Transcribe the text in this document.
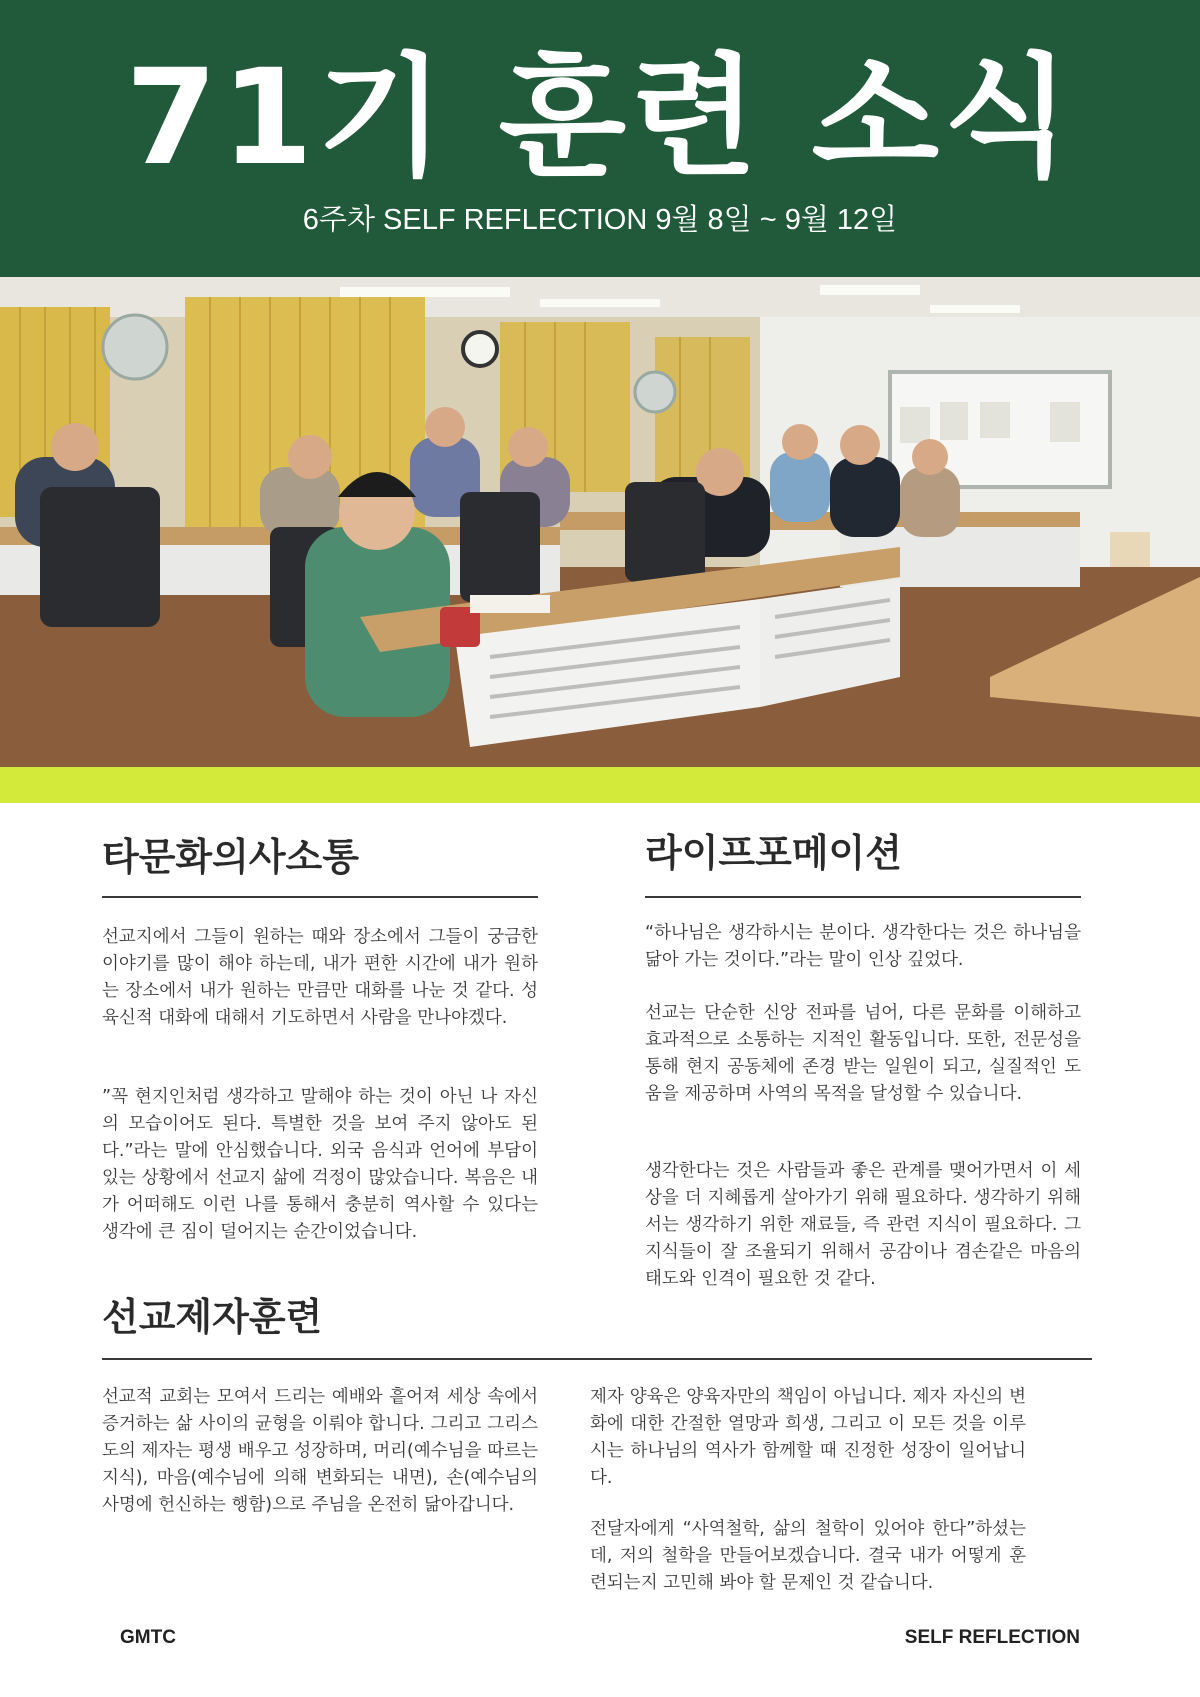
71기 훈련 소식
6주차 SELF REFLECTION 9월 8일 ~ 9월 12일
타문화의사소통

선교지에서 그들이 원하는 때와 장소에서 그들이 궁금한 이야기를 많이 해야 하는데, 내가 편한 시간에 내가 원하는 장소에서 내가 원하는 만큼만 대화를 나눈 것 같다. 성육신적 대화에 대해서 기도하면서 사람을 만나야겠다.

”꼭 현지인처럼 생각하고 말해야 하는 것이 아닌 나 자신의 모습이어도 된다. 특별한 것을 보여 주지 않아도 된다.”라는 말에 안심했습니다. 외국 음식과 언어에 부담이 있는 상황에서 선교지 삶에 걱정이 많았습니다. 복음은 내가 어떠해도 이런 나를 통해서 충분히 역사할 수 있다는 생각에 큰 짐이 덜어지는 순간이었습니다.

라이프포메이션

“하나님은 생각하시는 분이다. 생각한다는 것은 하나님을 닮아 가는 것이다.”라는 말이 인상 깊었다.

선교는 단순한 신앙 전파를 넘어, 다른 문화를 이해하고 효과적으로 소통하는 지적인 활동입니다. 또한, 전문성을 통해 현지 공동체에 존경 받는 일원이 되고, 실질적인 도움을 제공하며 사역의 목적을 달성할 수 있습니다.

생각한다는 것은 사람들과 좋은 관계를 맺어가면서 이 세상을 더 지혜롭게 살아가기 위해 필요하다. 생각하기 위해서는 생각하기 위한 재료들, 즉 관련 지식이 필요하다. 그 지식들이 잘 조율되기 위해서 공감이나 겸손같은 마음의 태도와 인격이 필요한 것 같다.

선교제자훈련

선교적 교회는 모여서 드리는 예배와 흩어져 세상 속에서 증거하는 삶 사이의 균형을 이뤄야 합니다. 그리고 그리스도의 제자는 평생 배우고 성장하며, 머리(예수님을 따르는 지식), 마음(예수님에 의해 변화되는 내면), 손(예수님의 사명에 헌신하는 행함)으로 주님을 온전히 닮아갑니다.

제자 양육은 양육자만의 책임이 아닙니다. 제자 자신의 변화에 대한 간절한 열망과 희생, 그리고 이 모든 것을 이루시는 하나님의 역사가 함께할 때 진정한 성장이 일어납니다.

전달자에게 “사역철학, 삶의 철학이 있어야 한다”하셨는데, 저의 철학을 만들어보겠습니다. 결국 내가 어떻게 훈련되는지 고민해 봐야 할 문제인 것 같습니다.

GMTC	SELF REFLECTION
